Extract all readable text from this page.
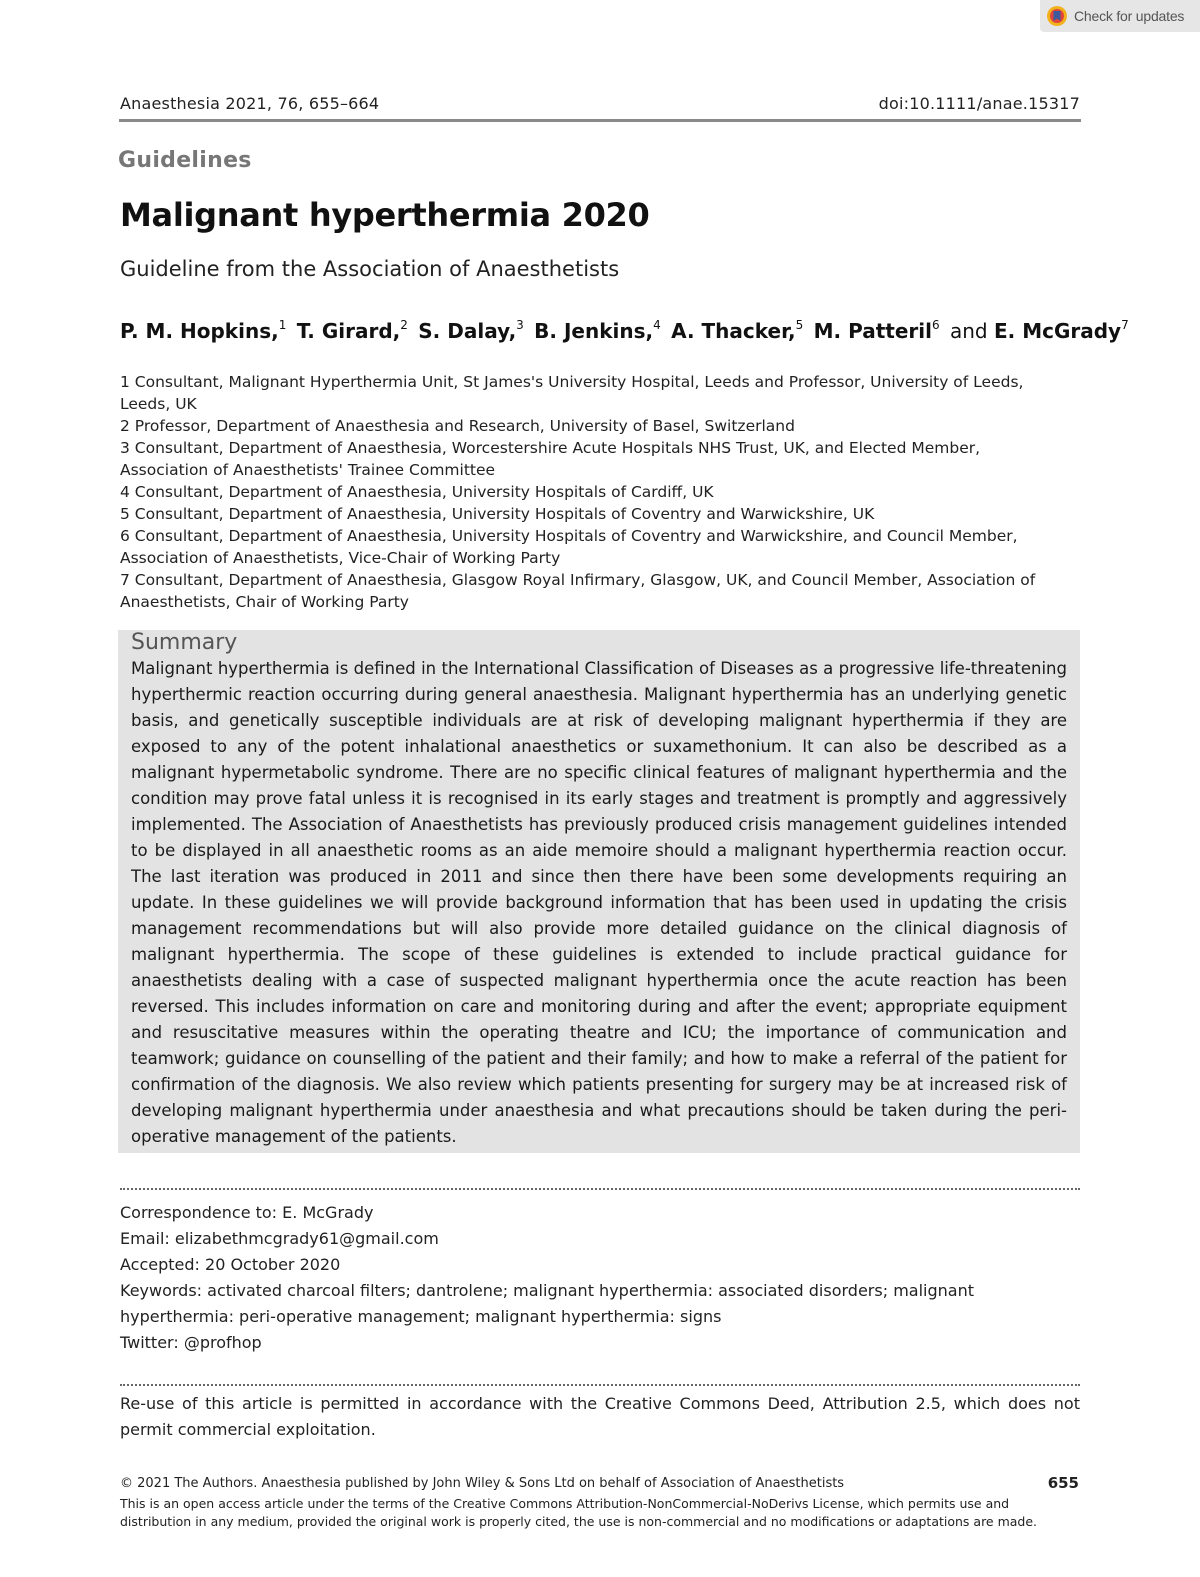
Check for updates
Anaesthesia 2021, 76, 655–664	doi:10.1111/anae.15317
Guidelines
Malignant hyperthermia 2020
Guideline from the Association of Anaesthetists
P. M. Hopkins,$^1$ T. Girard,$^2$ S. Dalay,$^3$ B. Jenkins,$^4$ A. Thacker,$^5$ M. Patteril$^6$ and E. McGrady$^7$
1 Consultant, Malignant Hyperthermia Unit, St James's University Hospital, Leeds and Professor, University of Leeds, Leeds, UK
2 Professor, Department of Anaesthesia and Research, University of Basel, Switzerland
3 Consultant, Department of Anaesthesia, Worcestershire Acute Hospitals NHS Trust, UK, and Elected Member, Association of Anaesthetists' Trainee Committee
4 Consultant, Department of Anaesthesia, University Hospitals of Cardiff, UK
5 Consultant, Department of Anaesthesia, University Hospitals of Coventry and Warwickshire, UK
6 Consultant, Department of Anaesthesia, University Hospitals of Coventry and Warwickshire, and Council Member, Association of Anaesthetists, Vice-Chair of Working Party
7 Consultant, Department of Anaesthesia, Glasgow Royal Infirmary, Glasgow, UK, and Council Member, Association of Anaesthetists, Chair of Working Party
Summary
Malignant hyperthermia is defined in the International Classification of Diseases as a progressive life-threatening hyperthermic reaction occurring during general anaesthesia. Malignant hyperthermia has an underlying genetic basis, and genetically susceptible individuals are at risk of developing malignant hyperthermia if they are exposed to any of the potent inhalational anaesthetics or suxamethonium. It can also be described as a malignant hypermetabolic syndrome. There are no specific clinical features of malignant hyperthermia and the condition may prove fatal unless it is recognised in its early stages and treatment is promptly and aggressively implemented. The Association of Anaesthetists has previously produced crisis management guidelines intended to be displayed in all anaesthetic rooms as an aide memoire should a malignant hyperthermia reaction occur. The last iteration was produced in 2011 and since then there have been some developments requiring an update. In these guidelines we will provide background information that has been used in updating the crisis management recommendations but will also provide more detailed guidance on the clinical diagnosis of malignant hyperthermia. The scope of these guidelines is extended to include practical guidance for anaesthetists dealing with a case of suspected malignant hyperthermia once the acute reaction has been reversed. This includes information on care and monitoring during and after the event; appropriate equipment and resuscitative measures within the operating theatre and ICU; the importance of communication and teamwork; guidance on counselling of the patient and their family; and how to make a referral of the patient for confirmation of the diagnosis. We also review which patients presenting for surgery may be at increased risk of developing malignant hyperthermia under anaesthesia and what precautions should be taken during the peri-operative management of the patients.
Correspondence to: E. McGrady
Email: elizabethmcgrady61@gmail.com
Accepted: 20 October 2020
Keywords: activated charcoal filters; dantrolene; malignant hyperthermia: associated disorders; malignant hyperthermia: peri-operative management; malignant hyperthermia: signs
Twitter: @profhop
Re-use of this article is permitted in accordance with the Creative Commons Deed, Attribution 2.5, which does not permit commercial exploitation.
© 2021 The Authors. Anaesthesia published by John Wiley & Sons Ltd on behalf of Association of Anaesthetists	655
This is an open access article under the terms of the Creative Commons Attribution-NonCommercial-NoDerivs License, which permits use and distribution in any medium, provided the original work is properly cited, the use is non-commercial and no modifications or adaptations are made.
